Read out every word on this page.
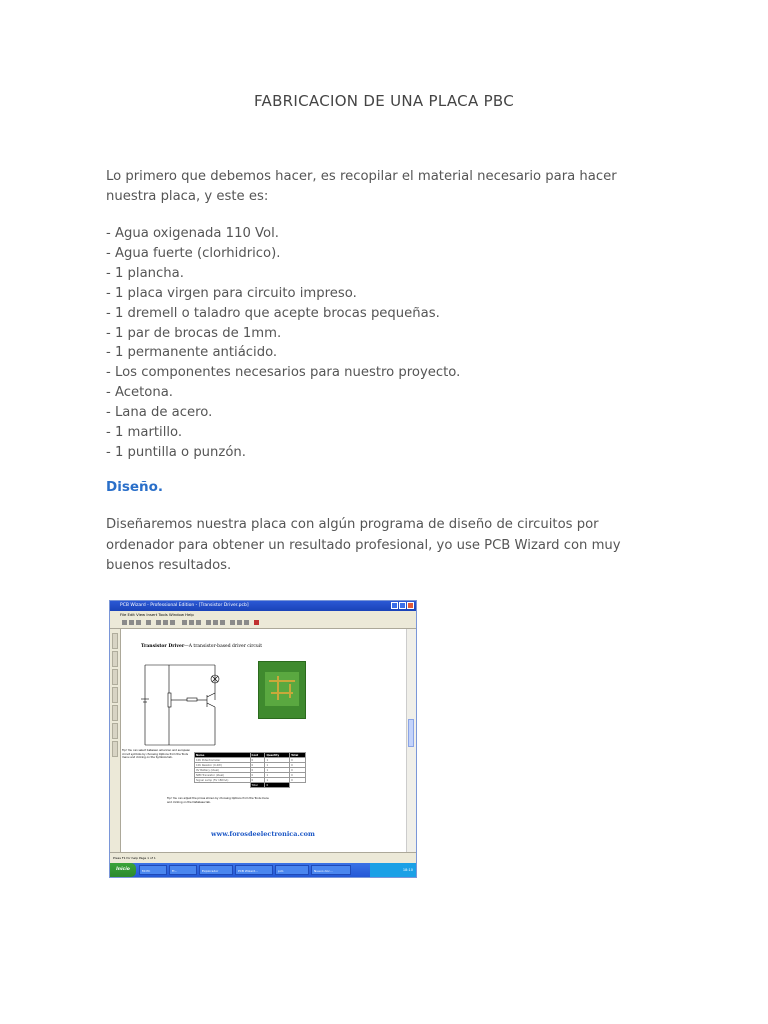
FABRICACION DE UNA PLACA PBC

Lo primero que debemos hacer, es recopilar el material necesario para hacer nuestra placa, y este es:

- Agua oxigenada 110 Vol.
- Agua fuerte (clorhidrico).
- 1 plancha.
- 1 placa virgen para circuito impreso.
- 1 dremell o taladro que acepte brocas pequeñas.
- 1 par de brocas de 1mm.
- 1 permanente antiácido.
- Los componentes necesarios para nuestro proyecto.
- Acetona.
- Lana de acero.
- 1 martillo.
- 1 puntilla o punzón.
Diseño.

Diseñaremos nuestra placa con algún programa de diseño de circuitos por ordenador para obtener un resultado profesional, yo use PCB Wizard con muy buenos resultados.

PCB Wizard - Professional Edition - [Transistor Driver.pcb]
File Edit View Insert Tools Window Help
Transistor Driver—A transistor-based driver circuit
Tip! You can select between american and european circuit symbols by choosing Options from the Tools menu and clicking on the Symbols tab.
Name	Cost	Quantity	Total
10K Potentiometer	0	1	0
10K Resistor (0.4W)	0	1	0
9V Battery (Ideal)	0	1	0
NPN Transistor (Ideal)	0	1	0
Signal Lamp (5V 180mA)	0	1	0
	Total	0	
Tip! You can adjust the prices shown by choosing Options from the Tools menu and clicking on the Database tab.
www.forosdeelectronica.com
Press F1 for help Page 1 of 1
Inicio	Mi PC	Fr...	Explorador	PCB Wizard...	pcb	Nuevo doc...	18:10
